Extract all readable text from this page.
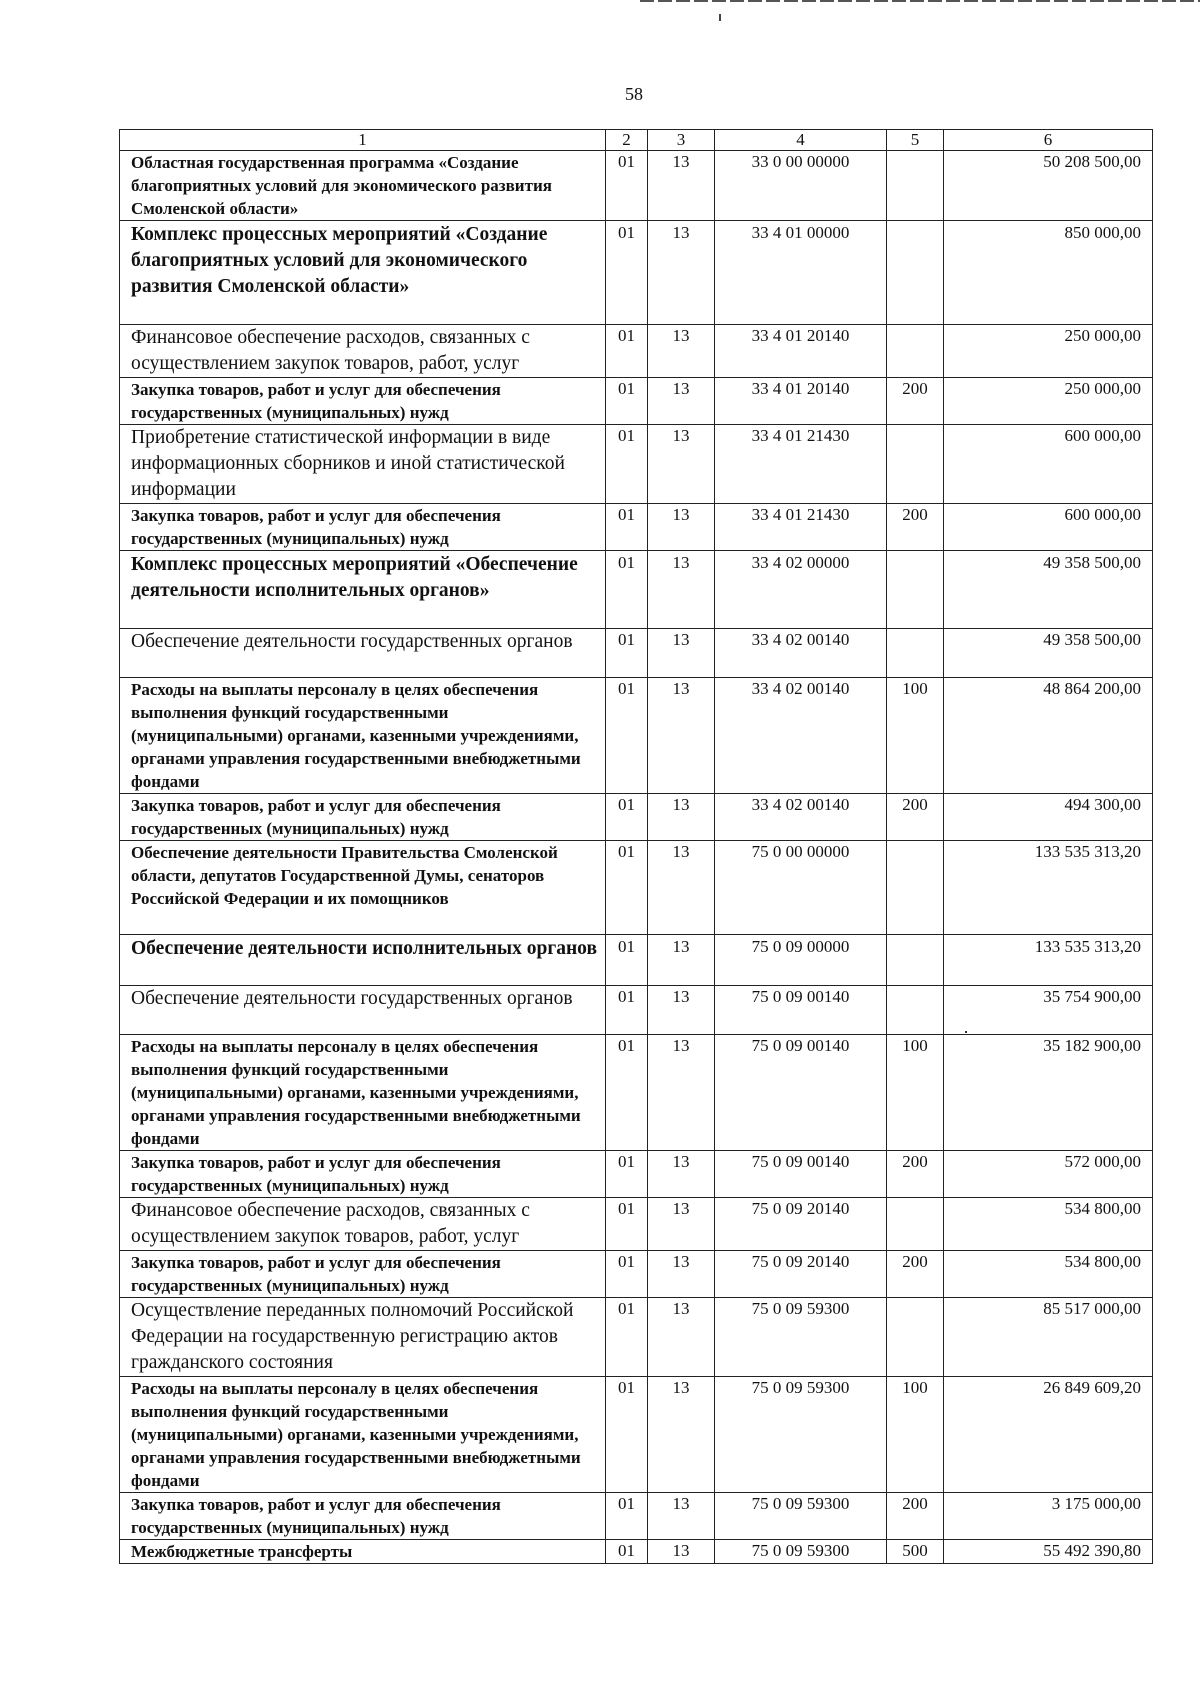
58
1	2	3	4	5	6
Областная государственная программа «Создание благоприятных условий для экономического развития Смоленской области»	01	13	33 0 00 00000		50 208 500,00
Комплекс процессных мероприятий «Создание благоприятных условий для экономического развития Смоленской области»	01	13	33 4 01 00000		850 000,00
Финансовое обеспечение расходов, связанных с осуществлением закупок товаров, работ, услуг	01	13	33 4 01 20140		250 000,00
Закупка товаров, работ и услуг для обеспечения государственных (муниципальных) нужд	01	13	33 4 01 20140	200	250 000,00
Приобретение статистической информации в виде информационных сборников и иной статистической информации	01	13	33 4 01 21430		600 000,00
Закупка товаров, работ и услуг для обеспечения государственных (муниципальных) нужд	01	13	33 4 01 21430	200	600 000,00
Комплекс процессных мероприятий «Обеспечение деятельности исполнительных органов»	01	13	33 4 02 00000		49 358 500,00
Обеспечение деятельности государственных органов	01	13	33 4 02 00140		49 358 500,00
Расходы на выплаты персоналу в целях обеспечения выполнения функций государственными (муниципальными) органами, казенными учреждениями, органами управления государственными внебюджетными фондами	01	13	33 4 02 00140	100	48 864 200,00
Закупка товаров, работ и услуг для обеспечения государственных (муниципальных) нужд	01	13	33 4 02 00140	200	494 300,00
Обеспечение деятельности Правительства Смоленской области, депутатов Государственной Думы, сенаторов Российской Федерации и их помощников	01	13	75 0 00 00000		133 535 313,20
Обеспечение деятельности исполнительных органов	01	13	75 0 09 00000		133 535 313,20
Обеспечение деятельности государственных органов	01	13	75 0 09 00140		35 754 900,00
Расходы на выплаты персоналу в целях обеспечения выполнения функций государственными (муниципальными) органами, казенными учреждениями, органами управления государственными внебюджетными фондами	01	13	75 0 09 00140	100	35 182 900,00
Закупка товаров, работ и услуг для обеспечения государственных (муниципальных) нужд	01	13	75 0 09 00140	200	572 000,00
Финансовое обеспечение расходов, связанных с осуществлением закупок товаров, работ, услуг	01	13	75 0 09 20140		534 800,00
Закупка товаров, работ и услуг для обеспечения государственных (муниципальных) нужд	01	13	75 0 09 20140	200	534 800,00
Осуществление переданных полномочий Российской Федерации на государственную регистрацию актов гражданского состояния	01	13	75 0 09 59300		85 517 000,00
Расходы на выплаты персоналу в целях обеспечения выполнения функций государственными (муниципальными) органами, казенными учреждениями, органами управления государственными внебюджетными фондами	01	13	75 0 09 59300	100	26 849 609,20
Закупка товаров, работ и услуг для обеспечения государственных (муниципальных) нужд	01	13	75 0 09 59300	200	3 175 000,00
Межбюджетные трансферты	01	13	75 0 09 59300	500	55 492 390,80
